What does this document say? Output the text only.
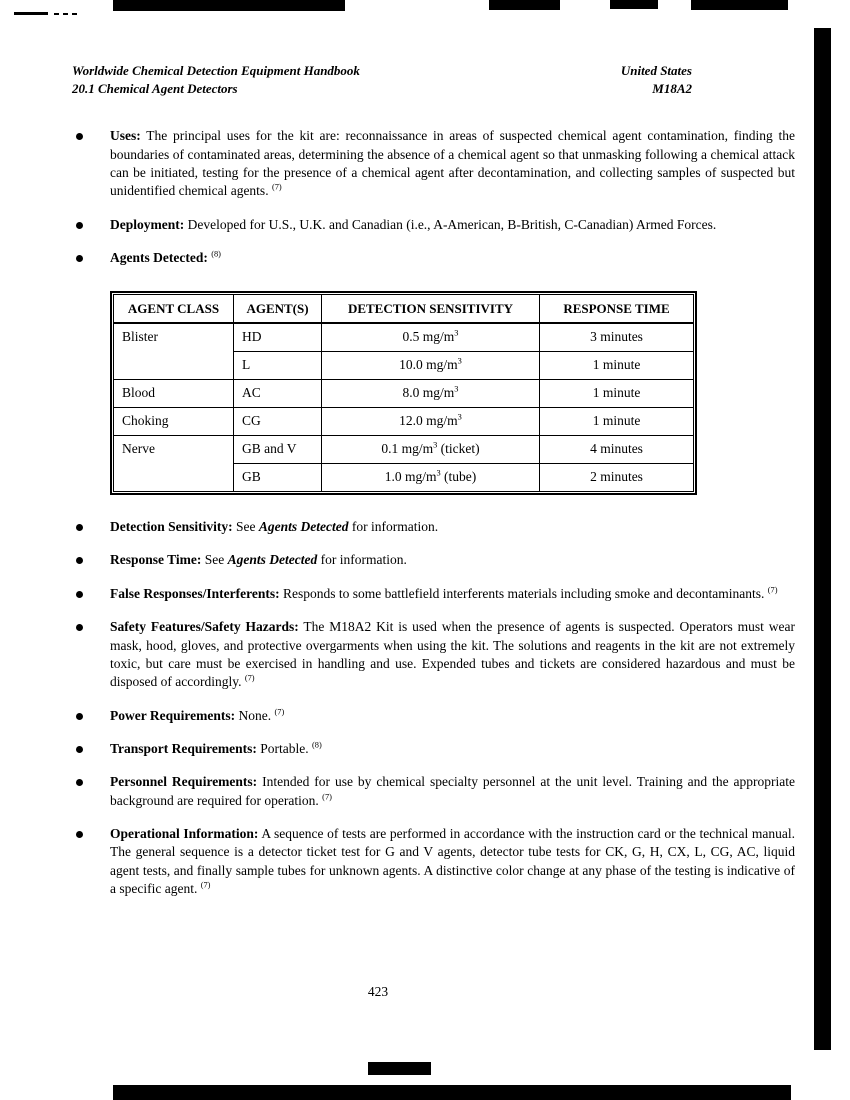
Worldwide Chemical Detection Equipment Handbook
20.1 Chemical Agent Detectors
United States
M18A2
Uses: The principal uses for the kit are: reconnaissance in areas of suspected chemical agent contamination, finding the boundaries of contaminated areas, determining the absence of a chemical agent so that unmasking following a chemical attack can be initiated, testing for the presence of a chemical agent after decontamination, and collecting samples of suspected but unidentified chemical agents. $^{(7)}$
Deployment: Developed for U.S., U.K. and Canadian (i.e., A-American, B-British, C-Canadian) Armed Forces.
Agents Detected: $^{(8)}$
AGENT CLASS	AGENT(S)	DETECTION SENSITIVITY	RESPONSE TIME
Blister	HD	0.5 $mg/m^3$	3 minutes
	L	10.0 $mg/m^3$	1 minute
Blood	AC	8.0 $mg/m^3$	1 minute
Choking	CG	12.0 $mg/m^3$	1 minute
Nerve	GB and V	0.1 $mg/m^3$ (ticket)	4 minutes
	GB	1.0 $mg/m^3$ (tube)	2 minutes
Detection Sensitivity: See Agents Detected for information.
Response Time: See Agents Detected for information.
False Responses/Interferents: Responds to some battlefield interferents materials including smoke and decontaminants. $^{(7)}$
Safety Features/Safety Hazards: The M18A2 Kit is used when the presence of agents is suspected. Operators must wear mask, hood, gloves, and protective overgarments when using the kit. The solutions and reagents in the kit are not extremely toxic, but care must be exercised in handling and use. Expended tubes and tickets are considered hazardous and must be disposed of accordingly. $^{(7)}$
Power Requirements: None. $^{(7)}$
Transport Requirements: Portable. $^{(8)}$
Personnel Requirements: Intended for use by chemical specialty personnel at the unit level. Training and the appropriate background are required for operation. $^{(7)}$
Operational Information: A sequence of tests are performed in accordance with the instruction card or the technical manual. The general sequence is a detector ticket test for G and V agents, detector tube tests for CK, G, H, CX, L, CG, AC, liquid agent tests, and finally sample tubes for unknown agents. A distinctive color change at any phase of the testing is indicative of a specific agent. $^{(7)}$
423
